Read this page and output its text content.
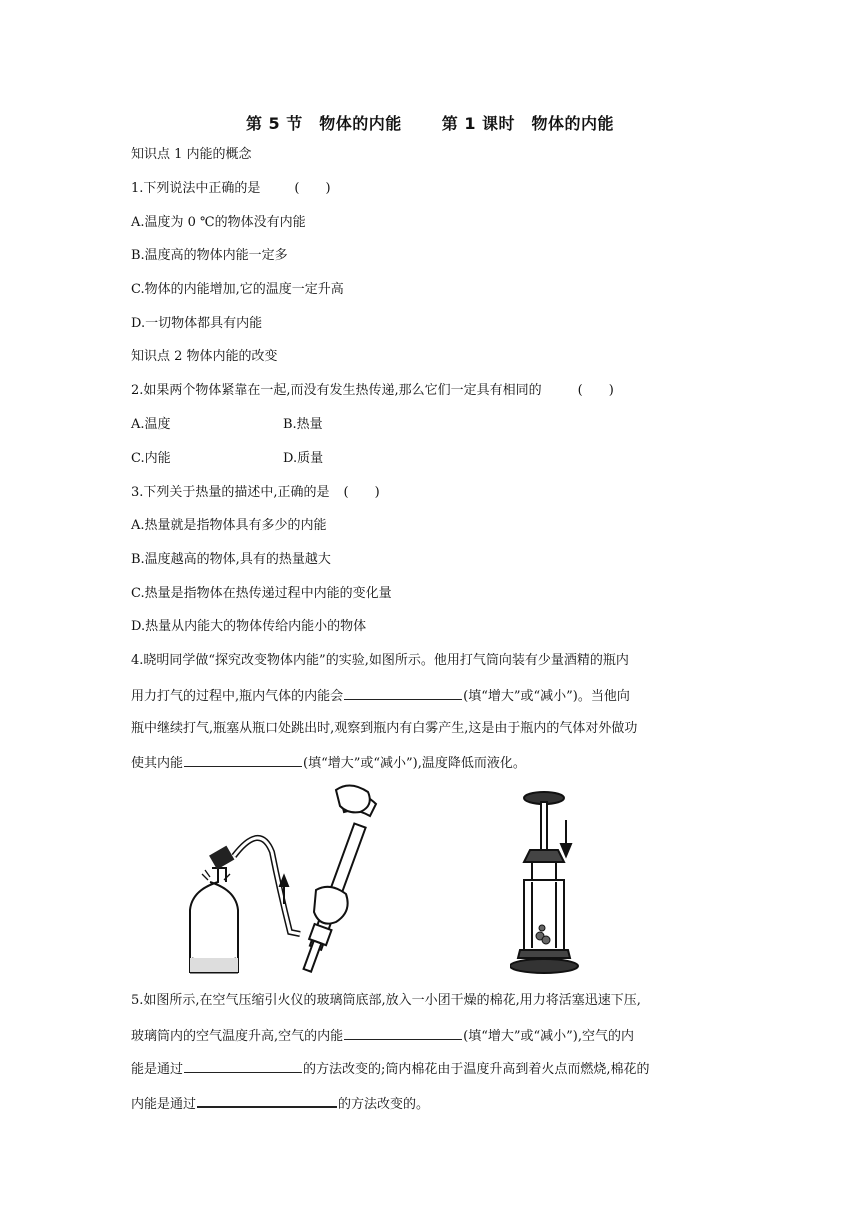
第 5 节　物体的内能	第 1 课时　物体的内能
知识点 1 内能的概念
1.下列说法中正确的是	(　　)
A.温度为 0 ℃的物体没有内能
B.温度高的物体内能一定多
C.物体的内能增加,它的温度一定升高
D.一切物体都具有内能
知识点 2 物体内能的改变
2.如果两个物体紧靠在一起,而没有发生热传递,那么它们一定具有相同的	(　　)
A.温度	B.热量
C.内能	D.质量
3.下列关于热量的描述中,正确的是 (　　)
A.热量就是指物体具有多少的内能
B.温度越高的物体,具有的热量越大
C.热量是指物体在热传递过程中内能的变化量
D.热量从内能大的物体传给内能小的物体
4.晓明同学做“探究改变物体内能”的实验,如图所示。他用打气筒向装有少量酒精的瓶内
用力打气的过程中,瓶内气体的内能会	(填“增大”或“减小”)。当他向
瓶中继续打气,瓶塞从瓶口处跳出时,观察到瓶内有白雾产生,这是由于瓶内的气体对外做功
使其内能	(填“增大”或“减小”),温度降低而液化。
5.如图所示,在空气压缩引火仪的玻璃筒底部,放入一小团干燥的棉花,用力将活塞迅速下压,
玻璃筒内的空气温度升高,空气的内能	(填“增大”或“减小”),空气的内
能是通过	的方法改变的;筒内棉花由于温度升高到着火点而燃烧,棉花的
内能是通过	的方法改变的。
